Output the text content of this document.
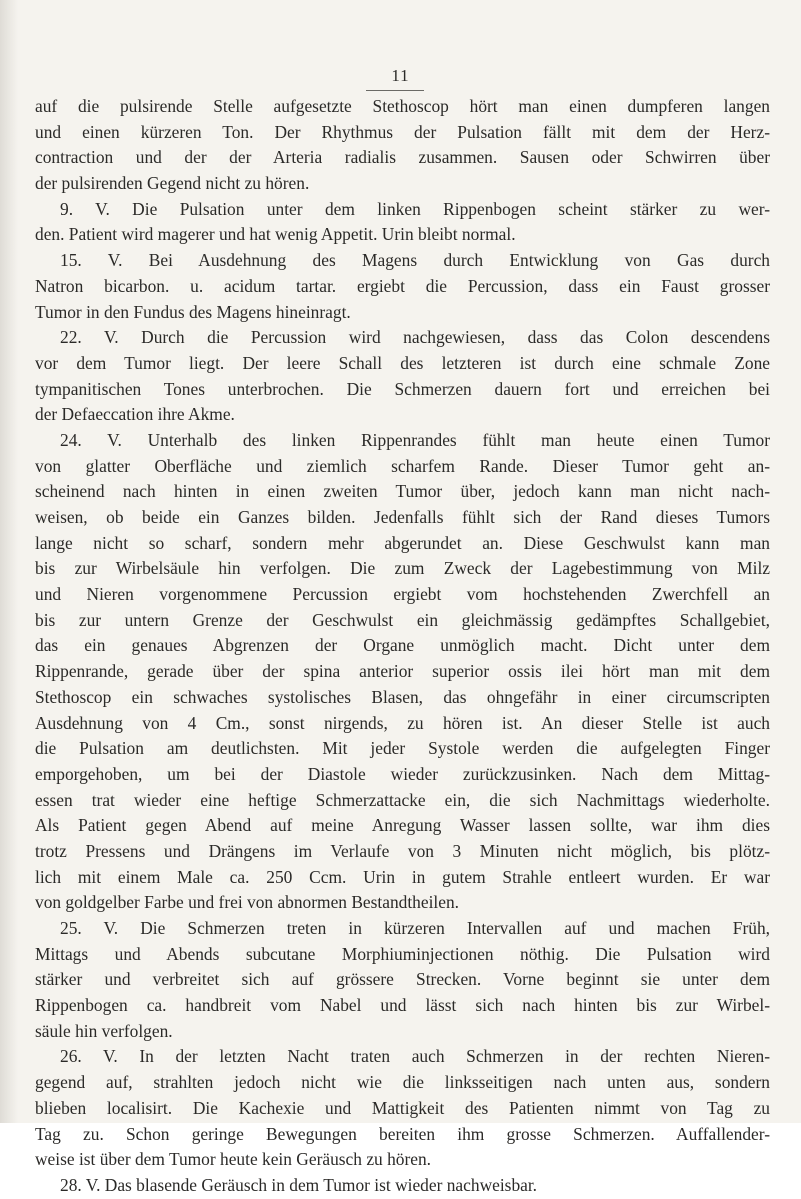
11
auf die pulsirende Stelle aufgesetzte Stethoscop hört man einen dumpferen langen
und einen kürzeren Ton. Der Rhythmus der Pulsation fällt mit dem der Herz-
contraction und der der Arteria radialis zusammen. Sausen oder Schwirren über
der pulsirenden Gegend nicht zu hören.
9. V. Die Pulsation unter dem linken Rippenbogen scheint stärker zu wer-
den. Patient wird magerer und hat wenig Appetit. Urin bleibt normal.
15. V. Bei Ausdehnung des Magens durch Entwicklung von Gas durch
Natron bicarbon. u. acidum tartar. ergiebt die Percussion, dass ein Faust grosser
Tumor in den Fundus des Magens hineinragt.
22. V. Durch die Percussion wird nachgewiesen, dass das Colon descendens
vor dem Tumor liegt. Der leere Schall des letzteren ist durch eine schmale Zone
tympanitischen Tones unterbrochen. Die Schmerzen dauern fort und erreichen bei
der Defaeccation ihre Akme.
24. V. Unterhalb des linken Rippenrandes fühlt man heute einen Tumor
von glatter Oberfläche und ziemlich scharfem Rande. Dieser Tumor geht an-
scheinend nach hinten in einen zweiten Tumor über, jedoch kann man nicht nach-
weisen, ob beide ein Ganzes bilden. Jedenfalls fühlt sich der Rand dieses Tumors
lange nicht so scharf, sondern mehr abgerundet an. Diese Geschwulst kann man
bis zur Wirbelsäule hin verfolgen. Die zum Zweck der Lagebestimmung von Milz
und Nieren vorgenommene Percussion ergiebt vom hochstehenden Zwerchfell an
bis zur untern Grenze der Geschwulst ein gleichmässig gedämpftes Schallgebiet,
das ein genaues Abgrenzen der Organe unmöglich macht. Dicht unter dem
Rippenrande, gerade über der spina anterior superior ossis ilei hört man mit dem
Stethoscop ein schwaches systolisches Blasen, das ohngefähr in einer circumscripten
Ausdehnung von 4 Cm., sonst nirgends, zu hören ist. An dieser Stelle ist auch
die Pulsation am deutlichsten. Mit jeder Systole werden die aufgelegten Finger
emporgehoben, um bei der Diastole wieder zurückzusinken. Nach dem Mittag-
essen trat wieder eine heftige Schmerzattacke ein, die sich Nachmittags wiederholte.
Als Patient gegen Abend auf meine Anregung Wasser lassen sollte, war ihm dies
trotz Pressens und Drängens im Verlaufe von 3 Minuten nicht möglich, bis plötz-
lich mit einem Male ca. 250 Ccm. Urin in gutem Strahle entleert wurden. Er war
von goldgelber Farbe und frei von abnormen Bestandtheilen.
25. V. Die Schmerzen treten in kürzeren Intervallen auf und machen Früh,
Mittags und Abends subcutane Morphiuminjectionen nöthig. Die Pulsation wird
stärker und verbreitet sich auf grössere Strecken. Vorne beginnt sie unter dem
Rippenbogen ca. handbreit vom Nabel und lässt sich nach hinten bis zur Wirbel-
säule hin verfolgen.
26. V. In der letzten Nacht traten auch Schmerzen in der rechten Nieren-
gegend auf, strahlten jedoch nicht wie die linksseitigen nach unten aus, sondern
blieben localisirt. Die Kachexie und Mattigkeit des Patienten nimmt von Tag zu
Tag zu. Schon geringe Bewegungen bereiten ihm grosse Schmerzen. Auffallender-
weise ist über dem Tumor heute kein Geräusch zu hören.
28. V. Das blasende Geräusch in dem Tumor ist wieder nachweisbar.
